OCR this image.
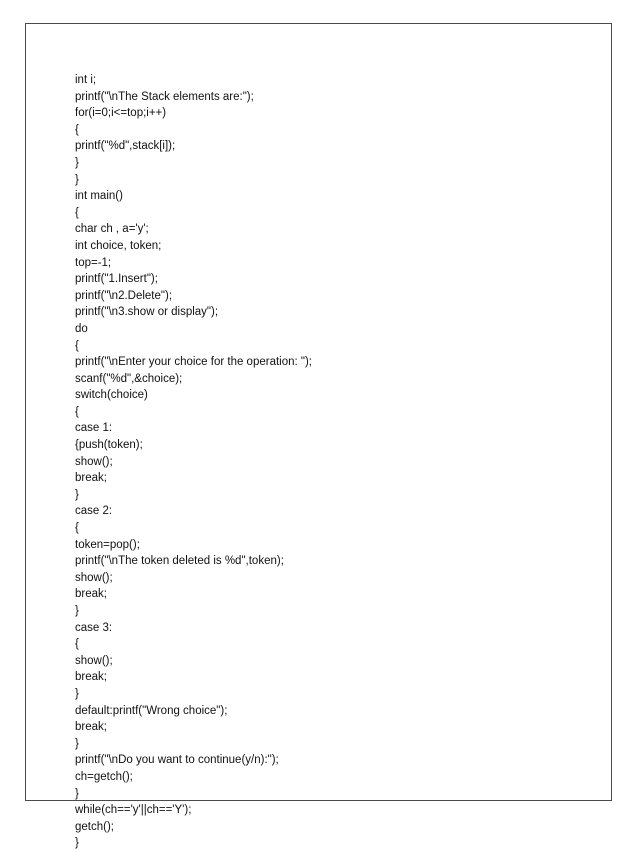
int i;
printf("\nThe Stack elements are:");
for(i=0;i<=top;i++)
{
printf("%d",stack[i]);
}
}
int main()
{
char ch , a='y';
int choice, token;
top=-1;
printf("1.Insert");
printf("\n2.Delete");
printf("\n3.show or display");
do
{
printf("\nEnter your choice for the operation: ");
scanf("%d",&choice);
switch(choice)
{
case 1:
{push(token);
show();
break;
}
case 2:
{
token=pop();
printf("\nThe token deleted is %d",token);
show();
break;
}
case 3:
{
show();
break;
}
default:printf("Wrong choice");
break;
}
printf("\nDo you want to continue(y/n):");
ch=getch();
}
while(ch=='y'||ch=='Y');
getch();
}
